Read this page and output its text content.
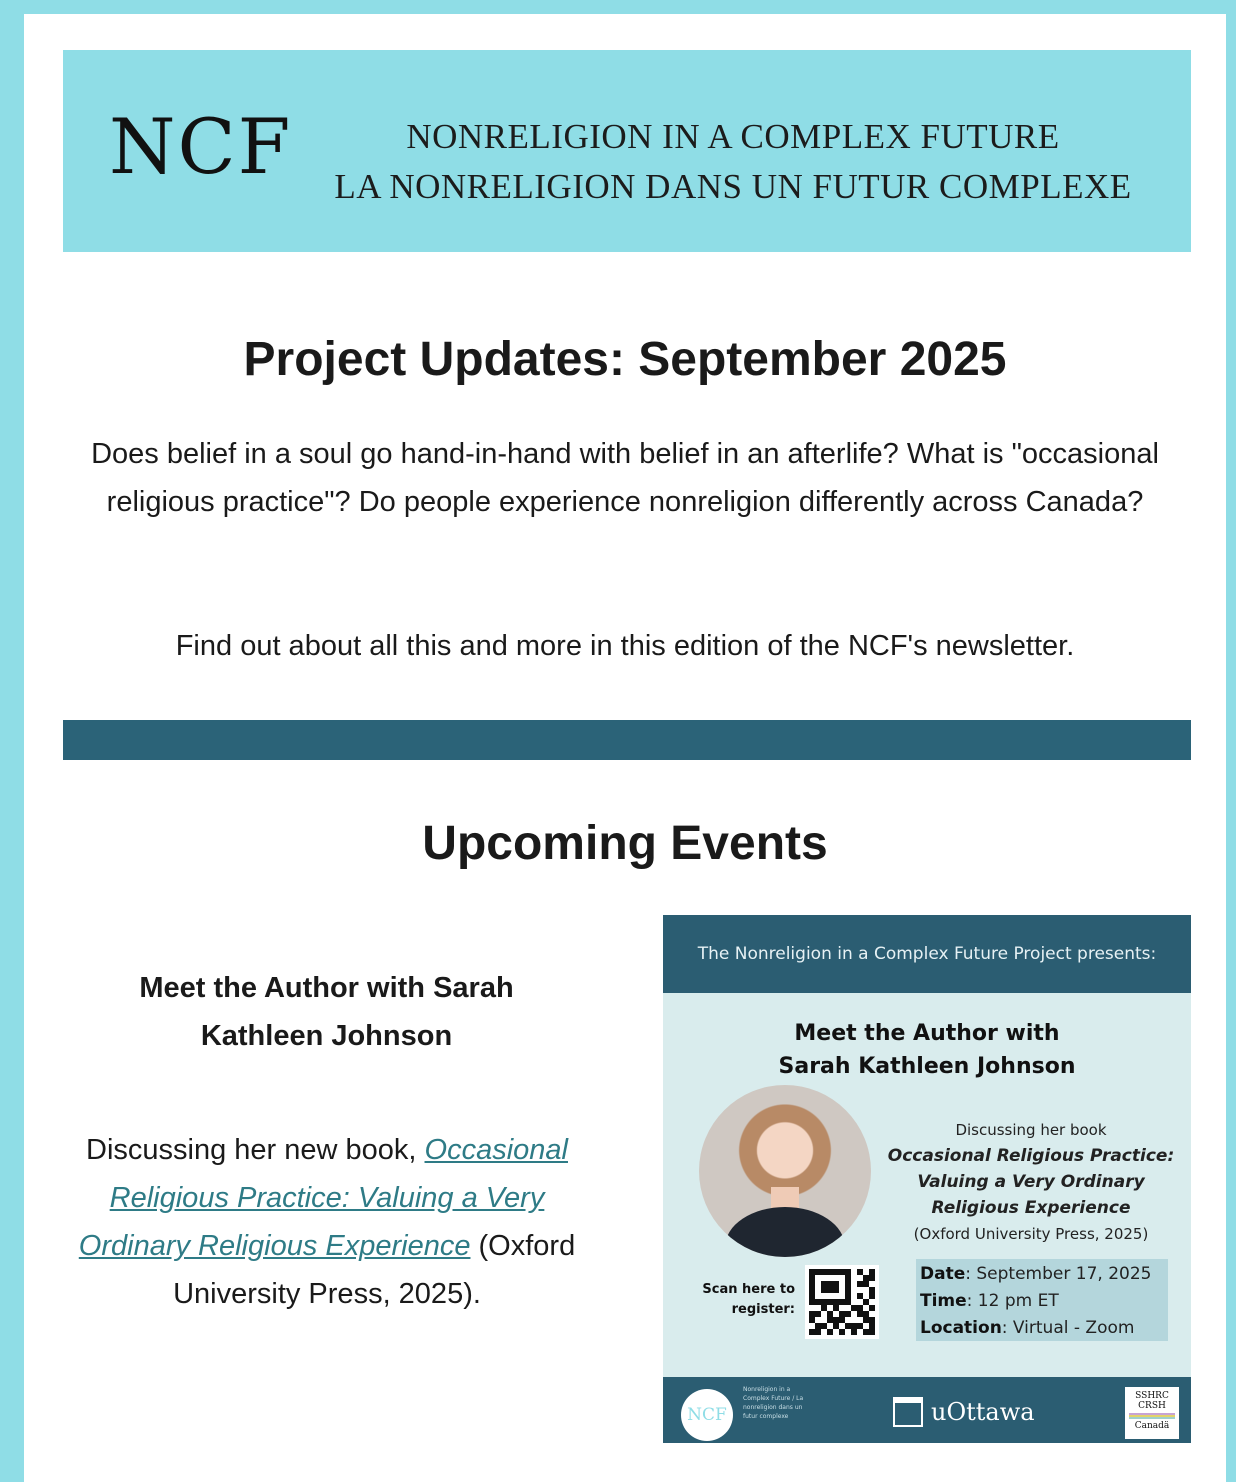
NCF	NONRELIGION IN A COMPLEX FUTURE
LA NONRELIGION DANS UN FUTUR COMPLEXE
Project Updates: September 2025

Does belief in a soul go hand-in-hand with belief in an afterlife? What is "occasional religious practice"? Do people experience nonreligion differently across Canada?

Find out about all this and more in this edition of the NCF's newsletter.

Upcoming Events

Meet the Author with Sarah Kathleen Johnson

Discussing her new book, Occasional Religious Practice: Valuing a Very Ordinary Religious Experience (Oxford University Press, 2025).

The Nonreligion in a Complex Future Project presents:
Meet the Author with
Sarah Kathleen Johnson
Discussing her book
Occasional Religious Practice: Valuing a Very Ordinary Religious Experience
(Oxford University Press, 2025)
Scan here to
register:
Date: September 17, 2025
Time: 12 pm ET
Location: Virtual - Zoom
NCF
Nonreligion in a Complex Future / La nonreligion dans un futur complexe	uOttawa
SSHRC
CRSH
Canadä
